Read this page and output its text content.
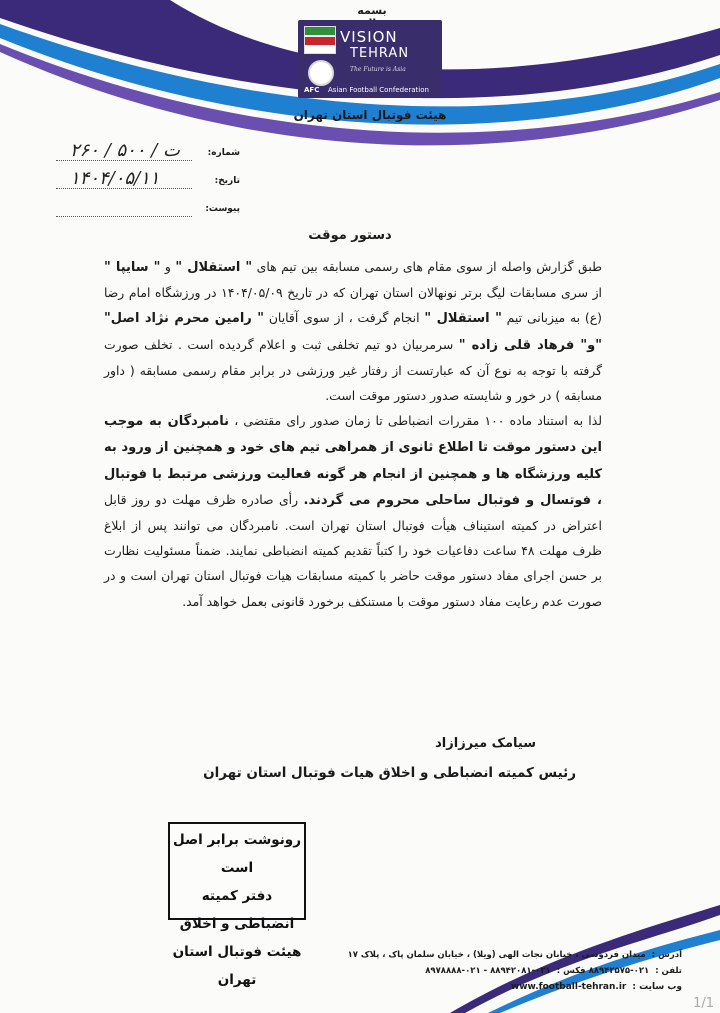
بسمه
VISION
TEHRAN
The Future is Asia
AFC Asian Football Confederation
هیئت فوتبال استان تهران
شماره:
۲۶۰ / ۵۰۰ / ت
تاریخ:
۱۴۰۴/۰۵/۱۱
پیوست:
دستور موقت

طبق گزارش واصله از سوی مقام های رسمی مسابقه بین تیم های " استقلال " و " سایپا " از سری مسابقات لیگ برتر نونهالان استان تهران که در تاریخ ۱۴۰۴/۰۵/۰۹ در ورزشگاه امام رضا (ع) به میزبانی تیم " استقلال " انجام گرفت ، از سوی آقایان " رامین محرم نژاد اصل" "و" فرهاد قلی زاده " سرمربیان دو تیم تخلفی ثبت و اعلام گردیده است . تخلف صورت گرفته با توجه به نوع آن که عبارتست از رفتار غیر ورزشی در برابر مقام رسمی مسابقه ( داور مسابقه ) در خور و شایسته صدور دستور موقت است.

لذا به استناد ماده ۱۰۰ مقررات انضباطی تا زمان صدور رای مقتضی ، نامبردگان به موجب این دستور موقت تا اطلاع ثانوی از همراهی تیم های خود و همچنین از ورود به کلیه ورزشگاه ها و همچنین از انجام هر گونه فعالیت ورزشی مرتبط با فوتبال ، فوتسال و فوتبال ساحلی محروم می گردند. رأی صادره ظرف مهلت دو روز قابل اعتراض در کمیته استیناف هیأت فوتبال استان تهران است. نامبردگان می توانند پس از ابلاغ ظرف مهلت ۴۸ ساعت دفاعیات خود را کتباً تقدیم کمیته انضباطی نمایند. ضمناً مسئولیت نظارت بر حسن اجرای مفاد دستور موقت حاضر با کمیته مسابقات هیات فوتبال استان تهران است و در صورت عدم رعایت مفاد دستور موقت با مستنکف برخورد قانونی بعمل خواهد آمد.

سیامک میرزازاد
رئیس کمیته انضباطی و اخلاق هیات فوتبال استان تهران
رونوشت برابر اصل است
دفتر کمیته انضباطی و اخلاق
هیئت فوتبال استان تهران
آدرس :میدان فردوسی ، خیابان نجات الهی (ویلا) ، خیابان سلمان پاک ، پلاک ۱۷
تلفن :۰۲۱-۸۸۹۴۲۵۷۵ فکس :۰۲۱-۸۸۹۴۲۰۸۱ - ۰۲۱-۸۹۷۸۸۸۸
وب سایت :www.football-tehran.ir
1/1
